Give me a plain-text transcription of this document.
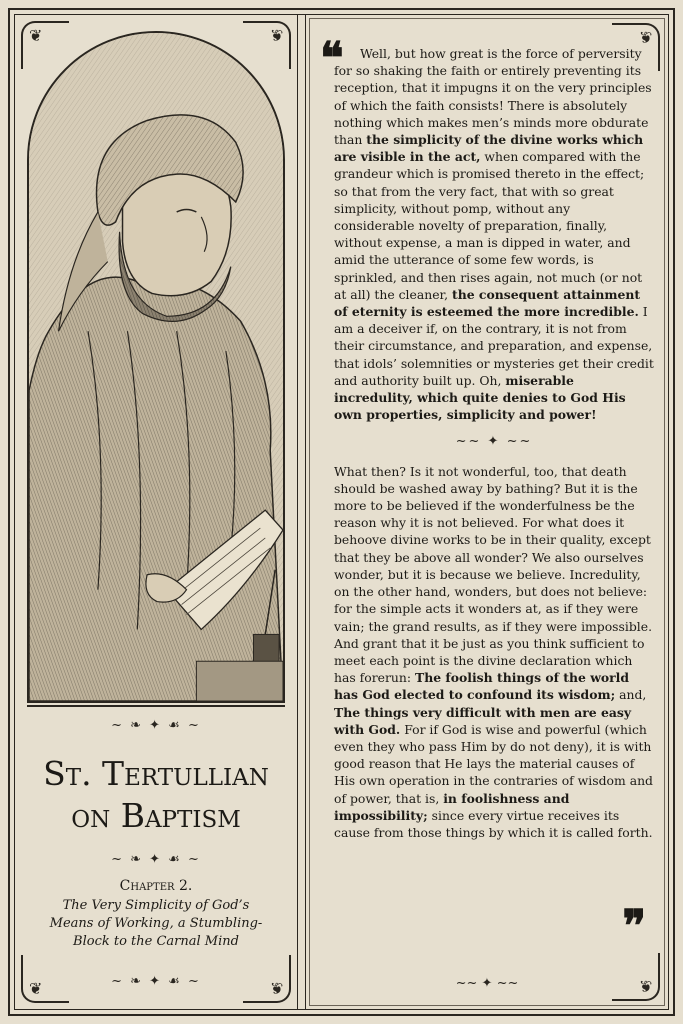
❦
❦
~ ❧ ✦ ☙ ~
St. Tertullian
on Baptism
~ ❧ ✦ ☙ ~
Chapter 2.
The Very Simplicity of God’s Means of Working, a Stumbling-Block to the Carnal Mind
~ ❧ ✦ ☙ ~
❦
❦
❦
❦
❝	Well, but how great is the force of perversity for so shaking the faith or entirely preventing its reception, that it impugns it on the very principles of which the faith consists! There is absolutely nothing which makes men’s minds more obdurate than the simplicity of the divine works which are visible in the act, when compared with the grandeur which is promised thereto in the effect; so that from the very fact, that with so great simplicity, without pomp, without any considerable novelty of preparation, finally, without expense, a man is dipped in water, and amid the utterance of some few words, is sprinkled, and then rises again, not much (or not at all) the cleaner, the consequent attainment of eternity is esteemed the more incredible. I am a deceiver if, on the contrary, it is not from their circumstance, and preparation, and expense, that idols’ solemnities or mysteries get their credit and authority built up. Oh, miserable incredulity, which quite denies to God His own properties, simplicity and power!

~~ ✦ ~~

What then? Is it not wonderful, too, that death should be washed away by bathing? But it is the more to be believed if the wonderfulness be the reason why it is not believed. For what does it behoove divine works to be in their quality, except that they be above all wonder? We also ourselves wonder, but it is because we believe. Incredulity, on the other hand, wonders, but does not believe: for the simple acts it wonders at, as if they were vain; the grand results, as if they were impossible. And grant that it be just as you think sufficient to meet each point is the divine declaration which has forerun: The foolish things of the world has God elected to confound its wisdom; and, The things very difficult with men are easy with God. For if God is wise and powerful (which even they who pass Him by do not deny), it is with good reason that He lays the material causes of His own operation in the contraries of wisdom and of power, that is, in foolishness and impossibility; since every virtue receives its cause from those things by which it is called forth.

❞
~~ ✦ ~~
